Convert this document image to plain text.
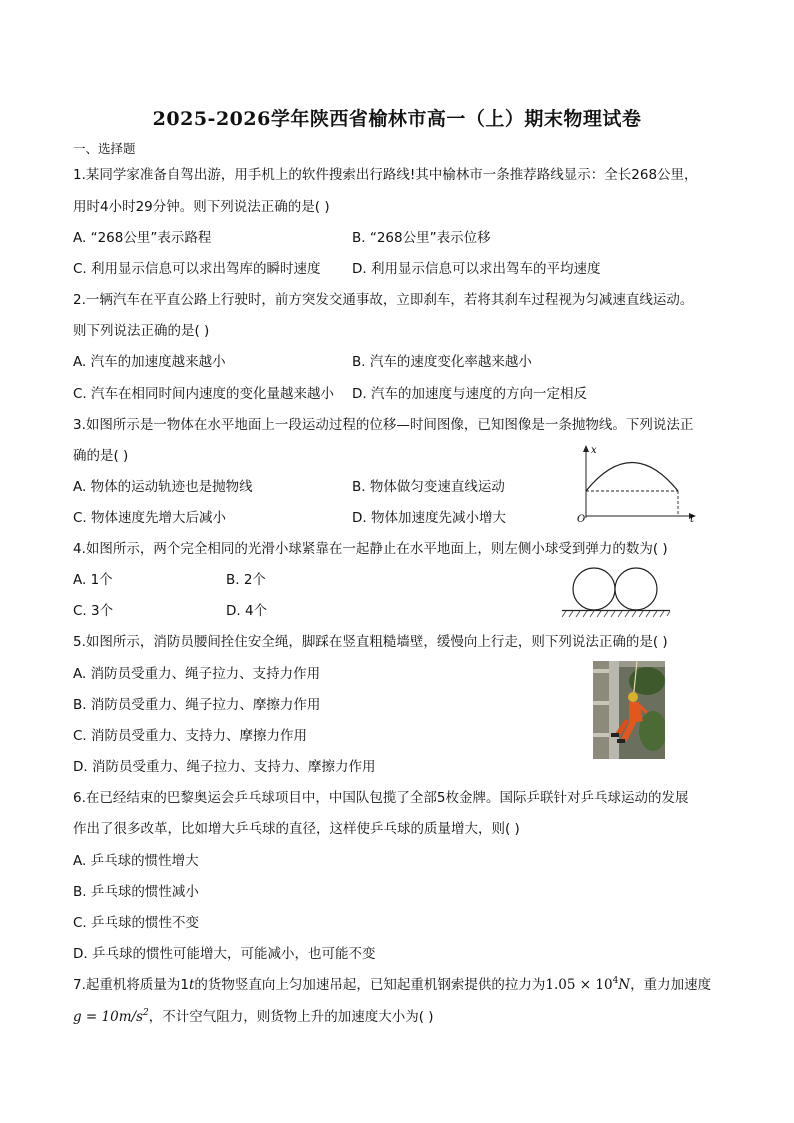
2025-2026学年陕西省榆林市高一（上）期末物理试卷
一、选择题
1.某同学家准备自驾出游，用手机上的软件搜索出行路线!其中榆林市一条推荐路线显示：全长268公里，
用时4小时29分钟。则下列说法正确的是( )
A. “268公里”表示路程	B. “268公里”表示位移
C. 利用显示信息可以求出驾库的瞬时速度 D. 利用显示信息可以求出驾车的平均速度
2.一辆汽车在平直公路上行驶时，前方突发交通事故，立即刹车，若将其刹车过程视为匀减速直线运动。
则下列说法正确的是( )
A. 汽车的加速度越来越小	B. 汽车的速度变化率越来越小
C. 汽车在相同时间内速度的变化量越来越小 D. 汽车的加速度与速度的方向一定相反
3.如图所示是一物体在水平地面上一段运动过程的位移—时间图像，已知图像是一条抛物线。下列说法正
确的是( )
A. 物体的运动轨迹也是抛物线	B. 物体做匀变速直线运动
C. 物体速度先增大后减小	D. 物体加速度先减小增大
x
t
O
4.如图所示，两个完全相同的光滑小球紧靠在一起静止在水平地面上，则左侧小球受到弹力的数为( )
A. 1个	B. 2个
C. 3个	D. 4个
5.如图所示，消防员腰间拴住安全绳，脚踩在竖直粗糙墙壁，缓慢向上行走，则下列说法正确的是( )
A. 消防员受重力、绳子拉力、支持力作用
B. 消防员受重力、绳子拉力、摩擦力作用
C. 消防员受重力、支持力、摩擦力作用
D. 消防员受重力、绳子拉力、支持力、摩擦力作用
6.在已经结束的巴黎奥运会乒乓球项目中，中国队包揽了全部5枚金牌。国际乒联针对乒乓球运动的发展
作出了很多改革，比如增大乒乓球的直径，这样使乒乓球的质量增大，则( )
A. 乒乓球的惯性增大
B. 乒乓球的惯性减小
C. 乒乓球的惯性不变
D. 乒乓球的惯性可能增大，可能减小，也可能不变
7.起重机将质量为1t的货物竖直向上匀加速吊起，已知起重机钢索提供的拉力为$1.05 \times 10^4N$，重力加速度
$g = 10m/s^2$，不计空气阻力，则货物上升的加速度大小为( )
